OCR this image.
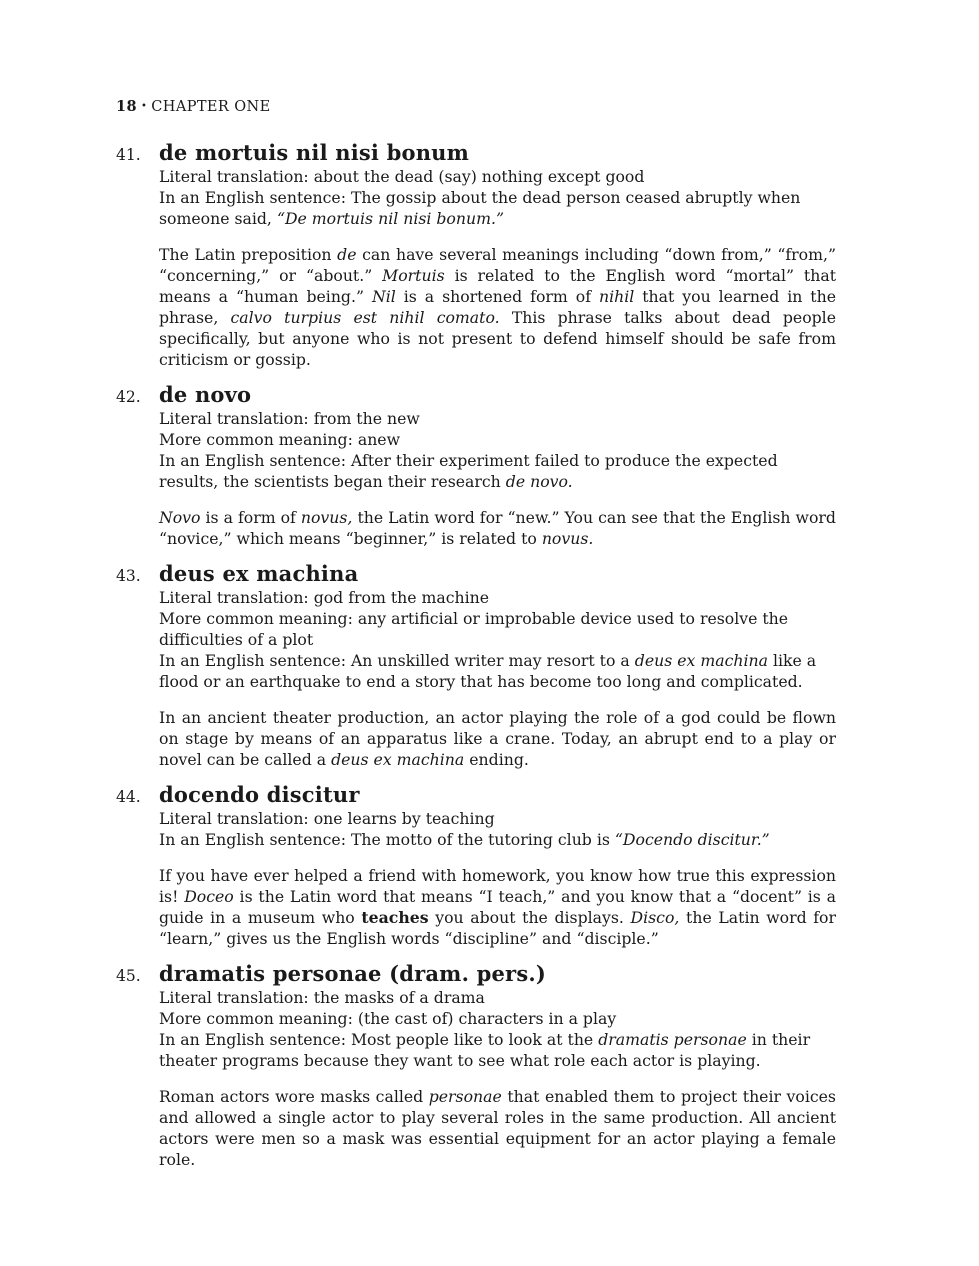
18 • CHAPTER ONE
41. de mortuis nil nisi bonum
Literal translation: about the dead (say) nothing except good
In an English sentence: The gossip about the dead person ceased abruptly when someone said, “De mortuis nil nisi bonum.”
The Latin preposition de can have several meanings including “down from,” “from,” “concerning,” or “about.” Mortuis is related to the English word “mortal” that means a “human being.” Nil is a shortened form of nihil that you learned in the phrase, calvo turpius est nihil comato. This phrase talks about dead people specifically, but anyone who is not present to defend himself should be safe from criticism or gossip.
42. de novo
Literal translation: from the new
More common meaning: anew
In an English sentence: After their experiment failed to produce the expected results, the scientists began their research de novo.
Novo is a form of novus, the Latin word for “new.” You can see that the English word “novice,” which means “beginner,” is related to novus.
43. deus ex machina
Literal translation: god from the machine
More common meaning: any artificial or improbable device used to resolve the difficulties of a plot
In an English sentence: An unskilled writer may resort to a deus ex machina like a flood or an earthquake to end a story that has become too long and complicated.
In an ancient theater production, an actor playing the role of a god could be flown on stage by means of an apparatus like a crane. Today, an abrupt end to a play or novel can be called a deus ex machina ending.
44. docendo discitur
Literal translation: one learns by teaching
In an English sentence: The motto of the tutoring club is “Docendo discitur.”
If you have ever helped a friend with homework, you know how true this expression is! Doceo is the Latin word that means “I teach,” and you know that a “docent” is a guide in a museum who teaches you about the displays. Disco, the Latin word for “learn,” gives us the English words “discipline” and “disciple.”
45. dramatis personae (dram. pers.)
Literal translation: the masks of a drama
More common meaning: (the cast of) characters in a play
In an English sentence: Most people like to look at the dramatis personae in their theater programs because they want to see what role each actor is playing.
Roman actors wore masks called personae that enabled them to project their voices and allowed a single actor to play several roles in the same production. All ancient actors were men so a mask was essential equipment for an actor playing a female role.
